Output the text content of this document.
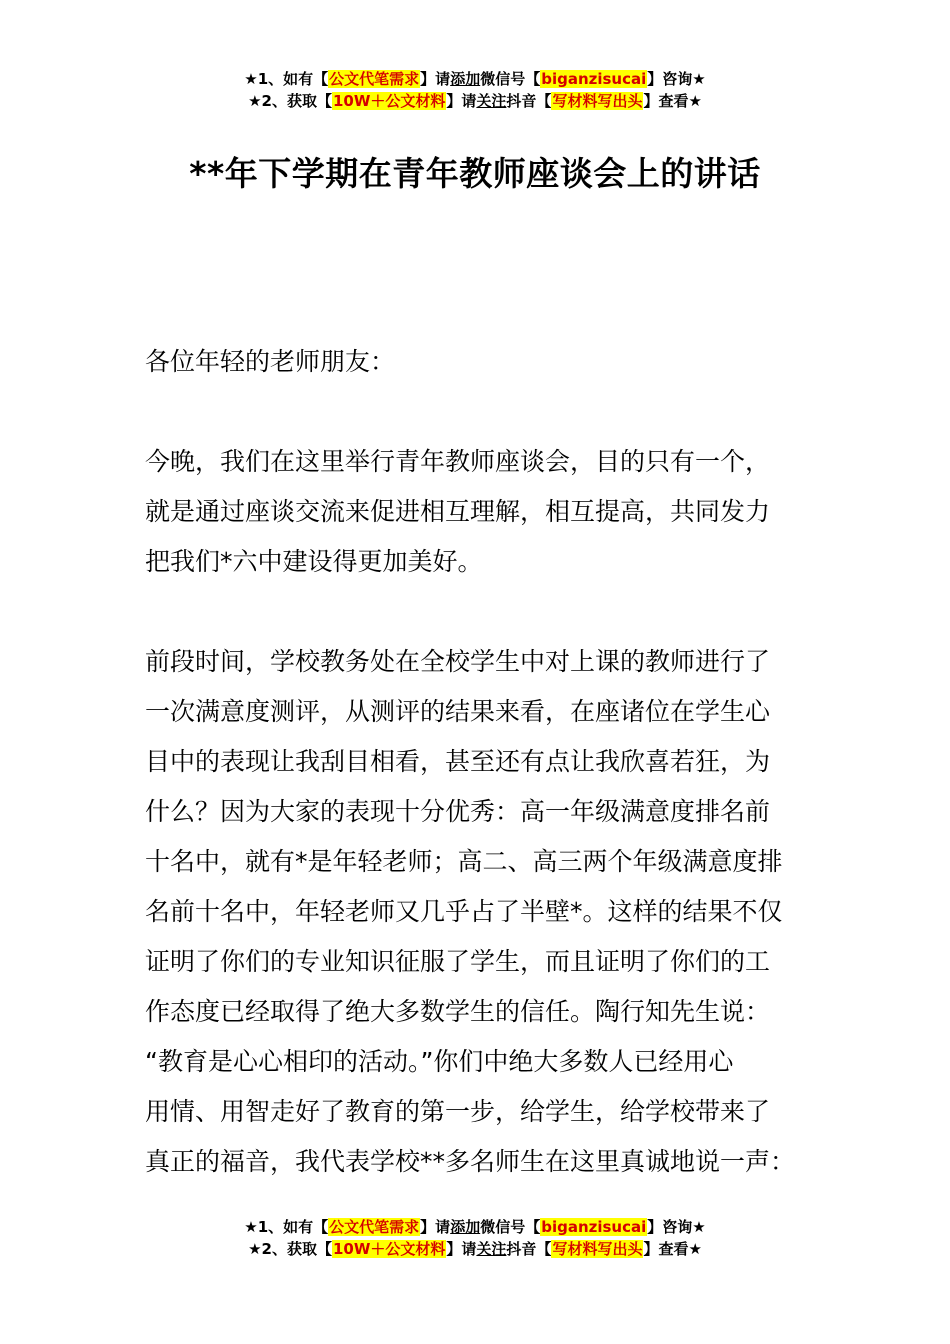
★1、如有【公文代笔需求】请添加微信号【biganzisucai】咨询★
★2、获取【10W＋公文材料】请关注抖音【写材料写出头】查看★
**年下学期在青年教师座谈会上的讲话
各位年轻的老师朋友：
今晚，我们在这里举行青年教师座谈会，目的只有一个，
就是通过座谈交流来促进相互理解，相互提高，共同发力
把我们*六中建设得更加美好。
前段时间，学校教务处在全校学生中对上课的教师进行了
一次满意度测评，从测评的结果来看，在座诸位在学生心
目中的表现让我刮目相看，甚至还有点让我欣喜若狂，为
什么？因为大家的表现十分优秀：高一年级满意度排名前
十名中，就有*是年轻老师；高二、高三两个年级满意度排
名前十名中，年轻老师又几乎占了半壁*。这样的结果不仅
证明了你们的专业知识征服了学生，而且证明了你们的工
作态度已经取得了绝大多数学生的信任。陶行知先生说：
“教育是心心相印的活动。”你们中绝大多数人已经用心
用情、用智走好了教育的第一步，给学生，给学校带来了
真正的福音，我代表学校**多名师生在这里真诚地说一声：
★1、如有【公文代笔需求】请添加微信号【biganzisucai】咨询★
★2、获取【10W＋公文材料】请关注抖音【写材料写出头】查看★
